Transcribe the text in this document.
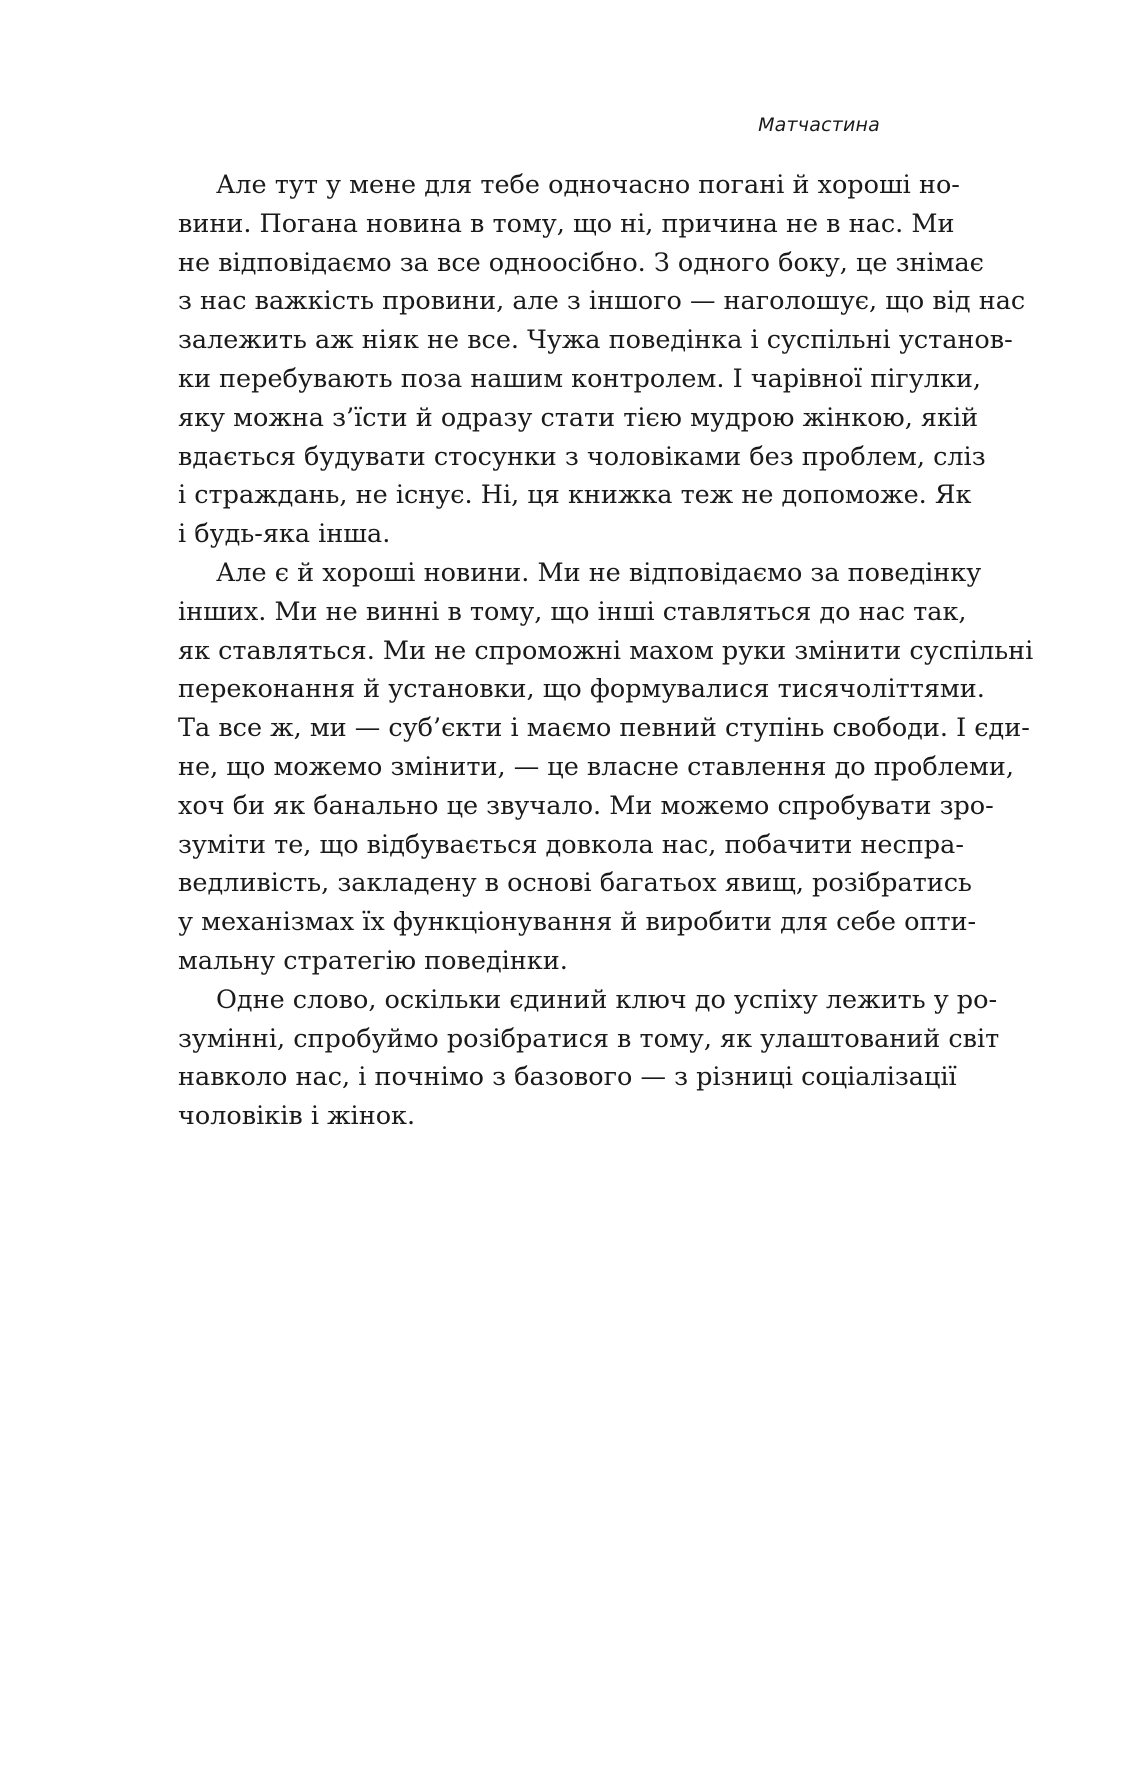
Матчастина
Але тут у мене для тебе одночасно погані й хороші но-
вини. Погана новина в тому, що ні, причина не в нас. Ми
не відповідаємо за все одноосібно. З одного боку, це знімає
з нас важкість провини, але з іншого — наголошує, що від нас
залежить аж ніяк не все. Чужа поведінка і суспільні установ-
ки перебувають поза нашим контролем. І чарівної пігулки,
яку можна з’їсти й одразу стати тією мудрою жінкою, якій
вдається будувати стосунки з чоловіками без проблем, сліз
і страждань, не існує. Ні, ця книжка теж не допоможе. Як
і будь-яка інша.
Але є й хороші новини. Ми не відповідаємо за поведінку
інших. Ми не винні в тому, що інші ставляться до нас так,
як ставляться. Ми не спроможні махом руки змінити суспільні
переконання й установки, що формувалися тисячоліттями.
Та все ж, ми — суб’єкти і маємо певний ступінь свободи. І єди-
не, що можемо змінити, — це власне ставлення до проблеми,
хоч би як банально це звучало. Ми можемо спробувати зро-
зуміти те, що відбувається довкола нас, побачити неспра-
ведливість, закладену в основі багатьох явищ, розібратись
у механізмах їх функціонування й виробити для себе опти-
мальну стратегію поведінки.
Одне слово, оскільки єдиний ключ до успіху лежить у ро-
зумінні, спробуймо розібратися в тому, як улаштований світ
навколо нас, і почнімо з базового — з різниці соціалізації
чоловіків і жінок.
